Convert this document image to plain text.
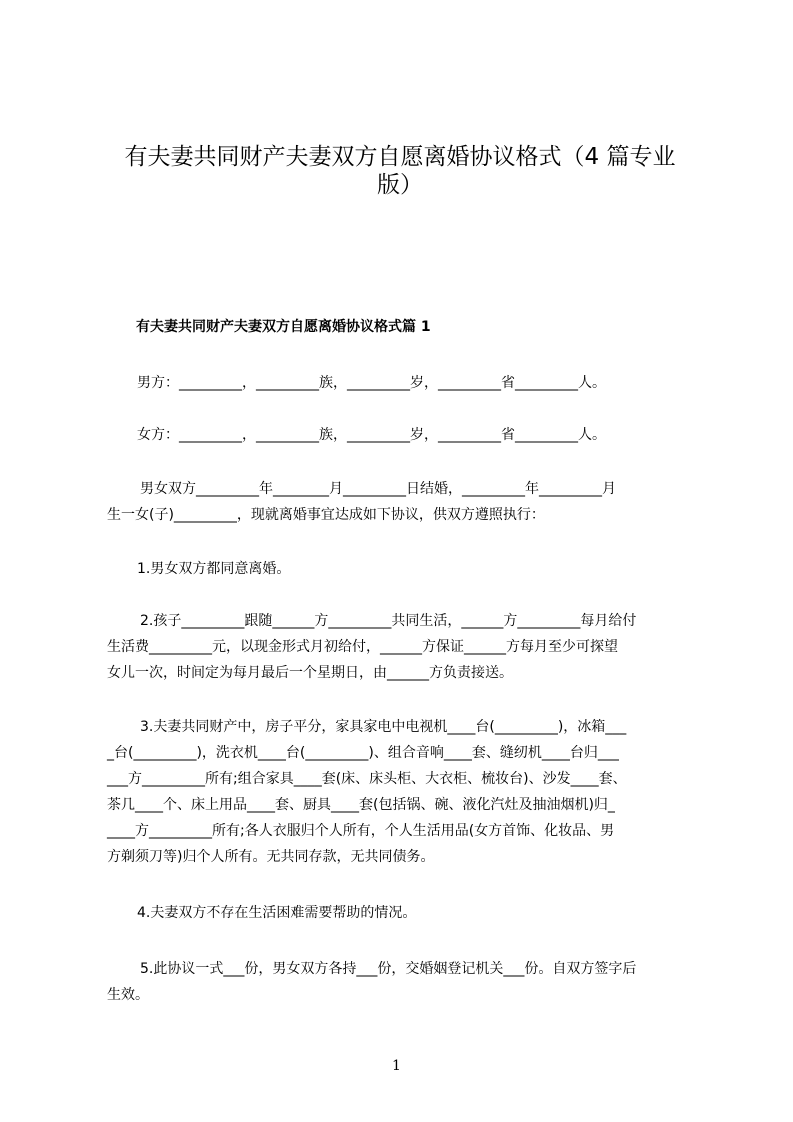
有夫妻共同财产夫妻双方自愿离婚协议格式（4 篇专业
版）
有夫妻共同财产夫妻双方自愿离婚协议格式篇 1

男方：_________，_________族，_________岁，_________省_________人。

女方：_________，_________族，_________岁，_________省_________人。

男女双方_________年________月_________日结婚，_________年_________月
生一女(子)_________，现就离婚事宜达成如下协议，供双方遵照执行：

1.男女双方都同意离婚。

2.孩子_________跟随______方_________共同生活，______方_________每月给付
生活费_________元，以现金形式月初给付，______方保证______方每月至少可探望
女儿一次，时间定为每月最后一个星期日，由______方负责接送。

3.夫妻共同财产中，房子平分，家具家电中电视机____台(_________)，冰箱___
_台(_________)，洗衣机____台(_________)、组合音响____套、缝纫机____台归___
___方_________所有;组合家具____套(床、床头柜、大衣柜、梳妆台)、沙发____套、
茶几____个、床上用品____套、厨具____套(包括锅、碗、液化汽灶及抽油烟机)归_
____方_________所有;各人衣服归个人所有，个人生活用品(女方首饰、化妆品、男
方剃须刀等)归个人所有。无共同存款，无共同债务。

4.夫妻双方不存在生活困难需要帮助的情况。

5.此协议一式___份，男女双方各持___份，交婚姻登记机关___份。自双方签字后
生效。

1
